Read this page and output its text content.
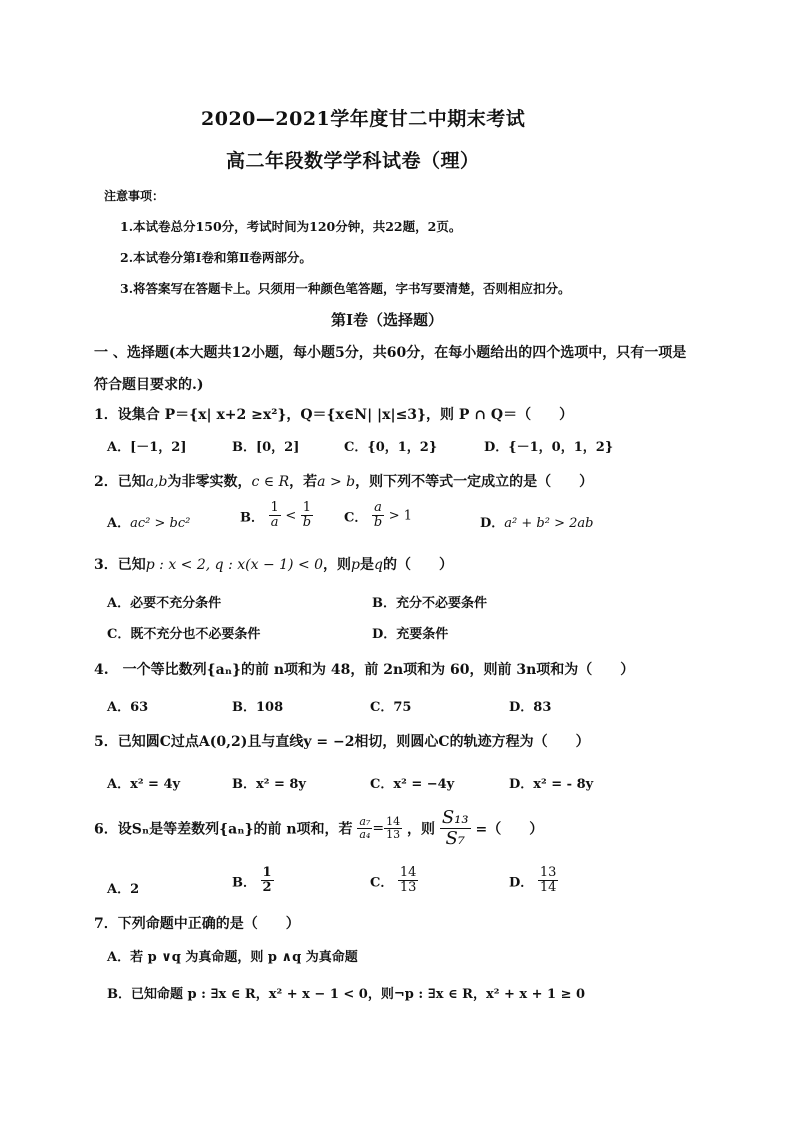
2020—2021学年度甘二中期末考试
高二年段数学学科试卷（理）
注意事项：
1.本试卷总分150分，考试时间为120分钟，共22题，2页。
2.本试卷分第Ⅰ卷和第Ⅱ卷两部分。
3.将答案写在答题卡上。只须用一种颜色笔答题，字书写要清楚，否则相应扣分。
第Ⅰ卷（选择题）
一 、选择题(本大题共12小题，每小题5分，共60分，在每小题给出的四个选项中，只有一项是
符合题目要求的.)
1．设集合 P＝{x| x+2 ≥x²}，Q＝{x∈N| |x|≤3}，则 P ∩ Q＝（　　）
A．[－1，2]	B．[0，2]	C．{0，1，2}	D．{－1，0，1，2}
2．已知a,b为非零实数，c ∈ R，若a > b，则下列不等式一定成立的是（　　）
A．ac² > bc²	B． $\frac{1}{a} < \frac{1}{b}$ C． $\frac{a}{b} > 1$
D．a² + b² > 2ab
3．已知p : x < 2, q : x(x − 1) < 0，则p是q的（　　）
A．必要不充分条件	B．充分不必要条件
C．既不充分也不必要条件	D．充要条件
4.　一个等比数列{aₙ}的前 n项和为 48，前 2n项和为 60，则前 3n项和为（　　）
A．63	B．108	C．75	D．83
5．已知圆C过点A(0,2)且与直线y = −2相切，则圆心C的轨迹方程为（　　）
A．x² = 4y	B．x² = 8y	C．x² = −4y	D．x² = - 8y
6．设Sₙ是等差数列{aₙ}的前 n项和，若 $\frac{\text{a₇}}{\text{a₄}} = \frac{14}{13}$ ，则 $\frac{\text{S₁₃}}{\text{S₇}}$ =（　　）
A．2	B． $\frac{1}{2}$	C． $\frac{14}{13}$	D． $\frac{13}{14}$
7．下列命题中正确的是（　　）
A．若 p ∨q 为真命题，则 p ∧q 为真命题
B．已知命题 p : ∃x ∈ R，x² + x − 1 < 0，则¬p : ∃x ∈ R，x² + x + 1 ≥ 0
